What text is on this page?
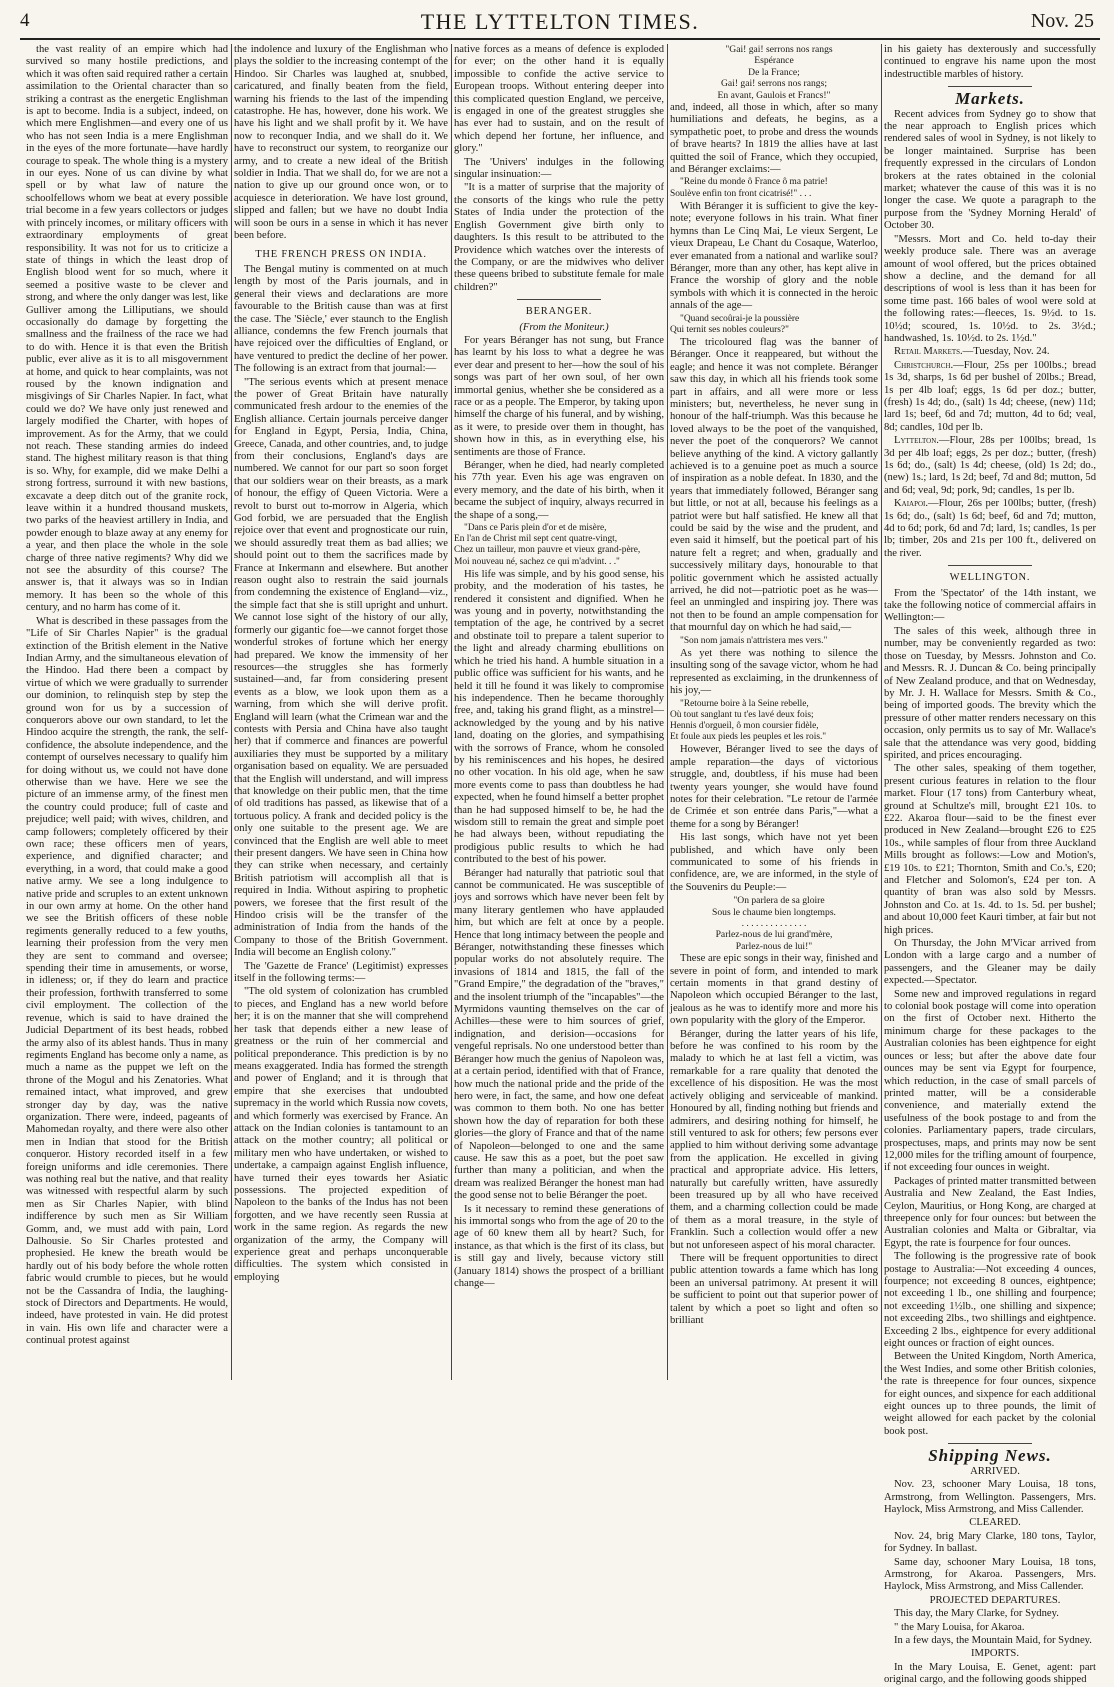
4	THE LYTTELTON TIMES.	Nov. 25

the vast reality of an empire which had survived so many hostile predictions, and which it was often said required rather a certain assimilation to the Oriental character than so striking a contrast as the energetic Englishman is apt to become. India is a subject, indeed, on which mere Englishmen—and every one of us who has not seen India is a mere Englishman in the eyes of the more fortunate—have hardly courage to speak. The whole thing is a mystery in our eyes. None of us can divine by what spell or by what law of nature the schoolfellows whom we beat at every possible trial become in a few years collectors or judges with princely incomes, or military officers with extraordinary employments of great responsibility. It was not for us to criticize a state of things in which the least drop of English blood went for so much, where it seemed a positive waste to be clever and strong, and where the only danger was lest, like Gulliver among the Lilliputians, we should occasionally do damage by forgetting the smallness and the frailness of the race we had to do with. Hence it is that even the British public, ever alive as it is to all misgovernment at home, and quick to hear complaints, was not roused by the known indignation and misgivings of Sir Charles Napier. In fact, what could we do? We have only just renewed and largely modified the Charter, with hopes of improvement. As for the Army, that we could not reach. These standing armies do indeed stand. The highest military reason is that thing is so. Why, for example, did we make Delhi a strong fortress, surround it with new bastions, excavate a deep ditch out of the granite rock, leave within it a hundred thousand muskets, two parks of the heaviest artillery in India, and powder enough to blaze away at any enemy for a year, and then place the whole in the sole charge of three native regiments? Why did we not see the absurdity of this course? The answer is, that it always was so in Indian memory. It has been so the whole of this century, and no harm has come of it.

What is described in these passages from the "Life of Sir Charles Napier" is the gradual extinction of the British element in the Native Indian Army, and the simultaneous elevation of the Hindoo. Had there been a compact by virtue of which we were gradually to surrender our dominion, to relinquish step by step the ground won for us by a succession of conquerors above our own standard, to let the Hindoo acquire the strength, the rank, the self-confidence, the absolute independence, and the contempt of ourselves necessary to qualify him for doing without us, we could not have done otherwise than we have. Here we see the picture of an immense army, of the finest men the country could produce; full of caste and prejudice; well paid; with wives, children, and camp followers; completely officered by their own race; these officers men of years, experience, and dignified character; and everything, in a word, that could make a good native army. We see a long indulgence to native pride and scruples to an extent unknown in our own army at home. On the other hand we see the British officers of these noble regiments generally reduced to a few youths, learning their profession from the very men they are sent to command and oversee; spending their time in amusements, or worse, in idleness; or, if they do learn and practice their profession, forthwith transferred to some civil employment. The collection of the revenue, which is said to have drained the Judicial Department of its best heads, robbed the army also of its ablest hands. Thus in many regiments England has become only a name, as much a name as the puppet we left on the throne of the Mogul and his Zenatories. What remained intact, what improved, and grew stronger day by day, was the native organization. There were, indeed, pageants of Mahomedan royalty, and there were also other men in Indian that stood for the British conqueror. History recorded itself in a few foreign uniforms and idle ceremonies. There was nothing real but the native, and that reality was witnessed with respectful alarm by such men as Sir Charles Napier, with blind indifference by such men as Sir William Gomm, and, we must add with pain, Lord Dalhousie. So Sir Charles protested and prophesied. He knew the breath would be hardly out of his body before the whole rotten fabric would crumble to pieces, but he would not be the Cassandra of India, the laughing-stock of Directors and Departments. He would, indeed, have protested in vain. He did protest in vain. His own life and character were a continual protest against

the indolence and luxury of the Englishman who plays the soldier to the increasing contempt of the Hindoo. Sir Charles was laughed at, snubbed, caricatured, and finally beaten from the field, warning his friends to the last of the impending catastrophe. He has, however, done his work. We have his light and we shall profit by it. We have now to reconquer India, and we shall do it. We have to reconstruct our system, to reorganize our army, and to create a new ideal of the British soldier in India. That we shall do, for we are not a nation to give up our ground once won, or to acquiesce in deterioration. We have lost ground, slipped and fallen; but we have no doubt India will soon be ours in a sense in which it has never been before.

THE FRENCH PRESS ON INDIA.

The Bengal mutiny is commented on at much length by most of the Paris journals, and in general their views and declarations are more favourable to the British cause than was at first the case. The 'Siècle,' ever staunch to the English alliance, condemns the few French journals that have rejoiced over the difficulties of England, or have ventured to predict the decline of her power. The following is an extract from that journal:—

"The serious events which at present menace the power of Great Britain have naturally communicated fresh ardour to the enemies of the English alliance. Certain journals perceive danger for England in Egypt, Persia, India, China, Greece, Canada, and other countries, and, to judge from their conclusions, England's days are numbered. We cannot for our part so soon forget that our soldiers wear on their breasts, as a mark of honour, the effigy of Queen Victoria. Were a revolt to burst out to-morrow in Algeria, which God forbid, we are persuaded that the English rejoice over that event and prognosticate our ruin, we should assuredly treat them as bad allies; we should point out to them the sacrifices made by France at Inkermann and elsewhere. But another reason ought also to restrain the said journals from condemning the existence of England—viz., the simple fact that she is still upright and unhurt. We cannot lose sight of the history of our ally, formerly our gigantic foe—we cannot forget those wonderful strokes of fortune which her energy had prepared. We know the immensity of her resources—the struggles she has formerly sustained—and, far from considering present events as a blow, we look upon them as a warning, from which she will derive profit. England will learn (what the Crimean war and the contests with Persia and China have also taught her) that if commerce and finances are powerful auxiliaries they must be supported by a military organisation based on equality. We are persuaded that the English will understand, and will impress that knowledge on their public men, that the time of old traditions has passed, as likewise that of a tortuous policy. A frank and decided policy is the only one suitable to the present age. We are convinced that the English are well able to meet their present dangers. We have seen in China how they can strike when necessary, and certainly British patriotism will accomplish all that is required in India. Without aspiring to prophetic powers, we foresee that the first result of the Hindoo crisis will be the transfer of the administration of India from the hands of the Company to those of the British Government. India will become an English colony."

The 'Gazette de France' (Legitimist) expresses itself in the following terms:—

"The old system of colonization has crumbled to pieces, and England has a new world before her; it is on the manner that she will comprehend her task that depends either a new lease of greatness or the ruin of her commercial and political preponderance. This prediction is by no means exaggerated. India has formed the strength and power of England; and it is through that empire that she exercises that undoubted supremacy in the world which Russia now covets, and which formerly was exercised by France. An attack on the Indian colonies is tantamount to an attack on the mother country; all political or military men who have undertaken, or wished to undertake, a campaign against English influence, have turned their eyes towards her Asiatic possessions. The projected expedition of Napoleon to the banks of the Indus has not been forgotten, and we have recently seen Russia at work in the same region. As regards the new organization of the army, the Company will experience great and perhaps unconquerable difficulties. The system which consisted in employing

native forces as a means of defence is exploded for ever; on the other hand it is equally impossible to confide the active service to European troops. Without entering deeper into this complicated question England, we perceive, is engaged in one of the greatest struggles she has ever had to sustain, and on the result of which depend her fortune, her influence, and glory."

The 'Univers' indulges in the following singular insinuation:—

"It is a matter of surprise that the majority of the consorts of the kings who rule the petty States of India under the protection of the English Government give birth only to daughters. Is this result to be attributed to the Providence which watches over the interests of the Company, or are the midwives who deliver these queens bribed to substitute female for male children?"

BERANGER.

(From the Moniteur.)

For years Béranger has not sung, but France has learnt by his loss to what a degree he was ever dear and present to her—how the soul of his songs was part of her own soul, of her own immortal genius, whether she be considered as a race or as a people. The Emperor, by taking upon himself the charge of his funeral, and by wishing, as it were, to preside over them in thought, has shown how in this, as in everything else, his sentiments are those of France.

Béranger, when he died, had nearly completed his 77th year. Even his age was engraven on every memory, and the date of his birth, when it became the subject of inquiry, always recurred in the shape of a song,—

"Dans ce Paris plein d'or et de misère,
En l'an de Christ mil sept cent quatre-vingt,
Chez un tailleur, mon pauvre et vieux grand-père,
Moi nouveau né, sachez ce qui m'advint. . ."

His life was simple, and by his good sense, his probity, and the moderation of his tastes, he rendered it consistent and dignified. When he was young and in poverty, notwithstanding the temptation of the age, he contrived by a secret and obstinate toil to prepare a talent superior to the light and already charming ebullitions on which he tried his hand. A humble situation in a public office was sufficient for his wants, and he held it till he found it was likely to compromise his independence. Then he became thoroughly free, and, taking his grand flight, as a minstrel—acknowledged by the young and by his native land, doating on the glories, and sympathising with the sorrows of France, whom he consoled by his reminiscences and his hopes, he desired no other vocation. In his old age, when he saw more events come to pass than doubtless he had expected, when he found himself a better prophet than he had supposed himself to be, he had the wisdom still to remain the great and simple poet he had always been, without repudiating the prodigious public results to which he had contributed to the best of his power.

Béranger had naturally that patriotic soul that cannot be communicated. He was susceptible of joys and sorrows which have never been felt by many literary gentlemen who have applauded him, but which are felt at once by a people. Hence that long intimacy between the people and Béranger, notwithstanding these finesses which popular works do not absolutely require. The invasions of 1814 and 1815, the fall of the "Grand Empire," the degradation of the "braves," and the insolent triumph of the "incapables"—the Myrmidons vaunting themselves on the car of Achilles—these were to him sources of grief, indignation, and derision—occasions for vengeful reprisals. No one understood better than Béranger how much the genius of Napoleon was, at a certain period, identified with that of France, how much the national pride and the pride of the hero were, in fact, the same, and how one defeat was common to them both. No one has better shown how the day of reparation for both these glories—the glory of France and that of the name of Napoleon—belonged to one and the same cause. He saw this as a poet, but the poet saw further than many a politician, and when the dream was realized Béranger the honest man had the good sense not to belie Béranger the poet.

Is it necessary to remind these generations of his immortal songs who from the age of 20 to the age of 60 knew them all by heart? Such, for instance, as that which is the first of its class, but is still gay and lively, because victory still (January 1814) shows the prospect of a brilliant change—

"Gai! gai! serrons nos rangs
Espérance
De la France;
Gai! gai! serrons nos rangs;
En avant, Gaulois et Francs!"

and, indeed, all those in which, after so many humiliations and defeats, he begins, as a sympathetic poet, to probe and dress the wounds of brave hearts? In 1819 the allies have at last quitted the soil of France, which they occupied, and Béranger exclaims:—

"Reine du monde ô France ô ma patrie!
Soulève enfin ton front cicatrisé!" . . .

With Béranger it is sufficient to give the key-note; everyone follows in his train. What finer hymns than Le Cinq Mai, Le vieux Sergent, Le vieux Drapeau, Le Chant du Cosaque, Waterloo, ever emanated from a national and warlike soul? Béranger, more than any other, has kept alive in France the worship of glory and the noble symbols with which it is connected in the heroic annals of the age—

"Quand secoûrai-je la poussière
Qui ternit ses nobles couleurs?"

The tricoloured flag was the banner of Béranger. Once it reappeared, but without the eagle; and hence it was not complete. Béranger saw this day, in which all his friends took some part in affairs, and all were more or less ministers; but, nevertheless, he never sung in honour of the half-triumph. Was this because he loved always to be the poet of the vanquished, never the poet of the conquerors? We cannot believe anything of the kind. A victory gallantly achieved is to a genuine poet as much a source of inspiration as a noble defeat. In 1830, and the years that immediately followed, Béranger sang but little, or not at all, because his feelings as a patriot were but half satisfied. He knew all that could be said by the wise and the prudent, and even said it himself, but the poetical part of his nature felt a regret; and when, gradually and successively military days, honourable to that politic government which he assisted actually arrived, he did not—patriotic poet as he was—feel an unmingled and inspiring joy. There was not then to be found an ample compensation for that mournful day on which he had said,—

"Son nom jamais n'attristera mes vers."

As yet there was nothing to silence the insulting song of the savage victor, whom he had represented as exclaiming, in the drunkenness of his joy,—

"Retourne boire à la Seine rebelle,
Où tout sanglant tu t'es lavé deux fois;
Hennis d'orgueil, ô mon coursier fidèle,
Et foule aux pieds les peuples et les rois."

However, Béranger lived to see the days of ample reparation—the days of victorious struggle, and, doubtless, if his muse had been twenty years younger, she would have found notes for their celebration. "Le retour de l'armée de Crimée et son entrée dans Paris,"—what a theme for a song by Béranger!

His last songs, which have not yet been published, and which have only been communicated to some of his friends in confidence, are, we are informed, in the style of the Souvenirs du Peuple:—

"On parlera de sa gloire
Sous le chaume bien longtemps.
. . . . . . . . . . . . . .
Parlez-nous de lui grand'mère,
Parlez-nous de lui!"

These are epic songs in their way, finished and severe in point of form, and intended to mark certain moments in that grand destiny of Napoleon which occupied Béranger to the last, jealous as he was to identify more and more his own popularity with the glory of the Emperor.

Béranger, during the latter years of his life, before he was confined to his room by the malady to which he at last fell a victim, was remarkable for a rare quality that denoted the excellence of his disposition. He was the most actively obliging and serviceable of mankind. Honoured by all, finding nothing but friends and admirers, and desiring nothing for himself, he still ventured to ask for others; few persons ever applied to him without deriving some advantage from the application. He excelled in giving practical and appropriate advice. His letters, naturally but carefully written, have assuredly been treasured up by all who have received them, and a charming collection could be made of them as a moral treasure, in the style of Franklin. Such a collection would offer a new but not unforeseen aspect of his moral character.

There will be frequent opportunities to direct public attention towards a fame which has long been an universal patrimony. At present it will be sufficient to point out that superior power of talent by which a poet so light and often so brilliant

in his gaiety has dexterously and successfully continued to engrave his name upon the most indestructible marbles of history.

Markets.

Recent advices from Sydney go to show that the near approach to English prices which rendered sales of wool in Sydney, is not likely to be longer maintained. Surprise has been frequently expressed in the circulars of London brokers at the rates obtained in the colonial market; whatever the cause of this was it is no longer the case. We quote a paragraph to the purpose from the 'Sydney Morning Herald' of October 30.

"Messrs. Mort and Co. held to-day their weekly produce sale. There was an average amount of wool offered, but the prices obtained show a decline, and the demand for all descriptions of wool is less than it has been for some time past. 166 bales of wool were sold at the following rates:—fleeces, 1s. 9½d. to 1s. 10½d; scoured, 1s. 10½d. to 2s. 3½d.; handwashed, 1s. 10½d. to 2s. 1½d."

Retail Markets.—Tuesday, Nov. 24.

Christchurch.—Flour, 25s per 100lbs.; bread 1s 3d, sharps, 1s 6d per bushel of 20lbs.; Bread, 1s per 4lb loaf; eggs, 1s 6d per doz.; butter, (fresh) 1s 4d; do., (salt) 1s 4d; cheese, (new) 11d; lard 1s; beef, 6d and 7d; mutton, 4d to 6d; veal, 8d; candles, 10d per lb.

Lyttelton.—Flour, 28s per 100lbs; bread, 1s 3d per 4lb loaf; eggs, 2s per doz.; butter, (fresh) 1s 6d; do., (salt) 1s 4d; cheese, (old) 1s 2d; do., (new) 1s.; lard, 1s 2d; beef, 7d and 8d; mutton, 5d and 6d; veal, 9d; pork, 9d; candles, 1s per lb.

Kaiapoi.—Flour, 26s per 100lbs; butter, (fresh) 1s 6d; do., (salt) 1s 6d; beef, 6d and 7d; mutton, 4d to 6d; pork, 6d and 7d; lard, 1s; candles, 1s per lb; timber, 20s and 21s per 100 ft., delivered on the river.

WELLINGTON.

From the 'Spectator' of the 14th instant, we take the following notice of commercial affairs in Wellington:—

The sales of this week, although three in number, may be conveniently regarded as two: those on Tuesday, by Messrs. Johnston and Co. and Messrs. R. J. Duncan & Co. being principally of New Zealand produce, and that on Wednesday, by Mr. J. H. Wallace for Messrs. Smith & Co., being of imported goods. The brevity which the pressure of other matter renders necessary on this occasion, only permits us to say of Mr. Wallace's sale that the attendance was very good, bidding spirited, and prices encouraging.

The other sales, speaking of them together, present curious features in relation to the flour market. Flour (17 tons) from Canterbury wheat, ground at Schultze's mill, brought £21 10s. to £22. Akaroa flour—said to be the finest ever produced in New Zealand—brought £26 to £25 10s., while samples of flour from three Auckland Mills brought as follows:—Low and Motion's, £19 10s. to £21; Thornton, Smith and Co.'s, £20; and Fletcher and Solomon's, £24 per ton. A quantity of bran was also sold by Messrs. Johnston and Co. at 1s. 4d. to 1s. 5d. per bushel; and about 10,000 feet Kauri timber, at fair but not high prices.

On Thursday, the John M'Vicar arrived from London with a large cargo and a number of passengers, and the Gleaner may be daily expected.—Spectator.

Some new and improved regulations in regard to colonial book postage will come into operation on the first of October next. Hitherto the minimum charge for these packages to the Australian colonies has been eightpence for eight ounces or less; but after the above date four ounces may be sent via Egypt for fourpence, which reduction, in the case of small parcels of printed matter, will be a considerable convenience, and materially extend the usefulness of the book postage to and from the colonies. Parliamentary papers, trade circulars, prospectuses, maps, and prints may now be sent 12,000 miles for the trifling amount of fourpence, if not exceeding four ounces in weight.

Packages of printed matter transmitted between Australia and New Zealand, the East Indies, Ceylon, Mauritius, or Hong Kong, are charged at threepence only for four ounces: but between the Australian colonies and Malta or Gibraltar, via Egypt, the rate is fourpence for four ounces.

The following is the progressive rate of book postage to Australia:—Not exceeding 4 ounces, fourpence; not exceeding 8 ounces, eightpence; not exceeding 1 lb., one shilling and fourpence; not exceeding 1½lb., one shilling and sixpence; not exceeding 2lbs., two shillings and eightpence. Exceeding 2 lbs., eightpence for every additional eight ounces or fraction of eight ounces.

Between the United Kingdom, North America, the West Indies, and some other British colonies, the rate is threepence for four ounces, sixpence for eight ounces, and sixpence for each additional eight ounces up to three pounds, the limit of weight allowed for each packet by the colonial book post.

Shipping News.

ARRIVED.

Nov. 23, schooner Mary Louisa, 18 tons, Armstrong, from Wellington. Passengers, Mrs. Haylock, Miss Armstrong, and Miss Callender.

CLEARED.

Nov. 24, brig Mary Clarke, 180 tons, Taylor, for Sydney. In ballast.

Same day, schooner Mary Louisa, 18 tons, Armstrong, for Akaroa. Passengers, Mrs. Haylock, Miss Armstrong, and Miss Callender.

PROJECTED DEPARTURES.

This day, the Mary Clarke, for Sydney.

" the Mary Louisa, for Akaroa.

In a few days, the Mountain Maid, for Sydney.

IMPORTS.

In the Mary Louisa, E. Genet, agent: part original cargo, and the following goods shipped
